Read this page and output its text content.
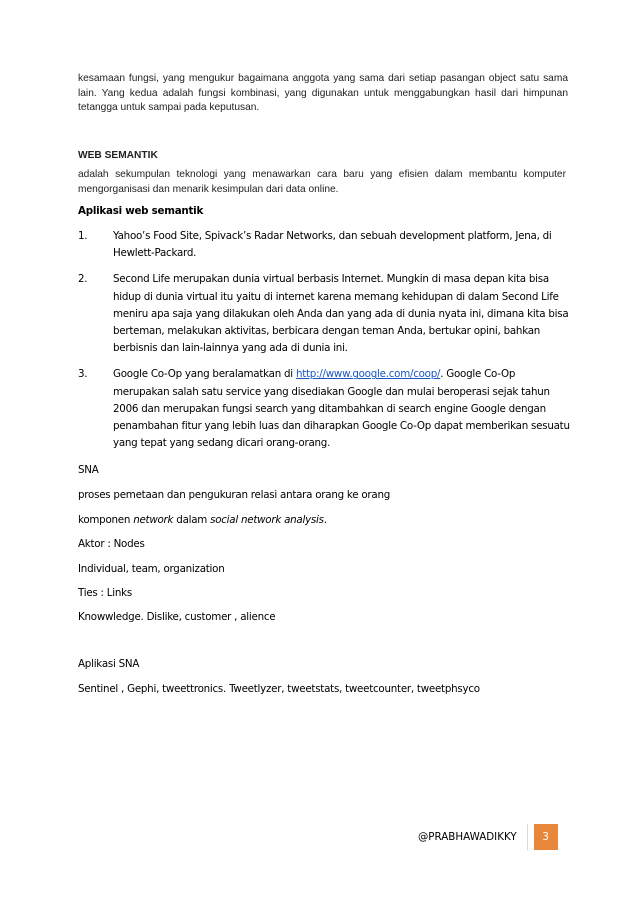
kesamaan fungsi, yang mengukur bagaimana anggota yang sama dari setiap pasangan object satu sama lain. Yang kedua adalah fungsi kombinasi, yang digunakan untuk menggabungkan hasil dari himpunan tetangga untuk sampai pada keputusan.
WEB SEMANTIK
adalah sekumpulan teknologi yang menawarkan cara baru yang efisien dalam membantu komputer mengorganisasi dan menarik kesimpulan dari data online.
Aplikasi web semantik
1. Yahoo’s Food Site, Spivack’s Radar Networks, dan sebuah development platform, Jena, di Hewlett-Packard.
2. Second Life merupakan dunia virtual berbasis Internet. Mungkin di masa depan kita bisa hidup di dunia virtual itu yaitu di internet karena memang kehidupan di dalam Second Life meniru apa saja yang dilakukan oleh Anda dan yang ada di dunia nyata ini, dimana kita bisa berteman, melakukan aktivitas, berbicara dengan teman Anda, bertukar opini, bahkan berbisnis dan lain-lainnya yang ada di dunia ini.
3. Google Co-Op yang beralamatkan di http://www.google.com/coop/. Google Co-Op merupakan salah satu service yang disediakan Google dan mulai beroperasi sejak tahun 2006 dan merupakan fungsi search yang ditambahkan di search engine Google dengan penambahan fitur yang lebih luas dan diharapkan Google Co-Op dapat memberikan sesuatu yang tepat yang sedang dicari orang-orang.
SNA
proses pemetaan dan pengukuran relasi antara orang ke orang
komponen network dalam social network analysis.
Aktor : Nodes
Individual, team, organization
Ties : Links
Knowwledge. Dislike, customer , alience
Aplikasi SNA
Sentinel , Gephi, tweettronics. Tweetlyzer, tweetstats, tweetcounter, tweetphsyco
@PRABHAWADIKKY	3
